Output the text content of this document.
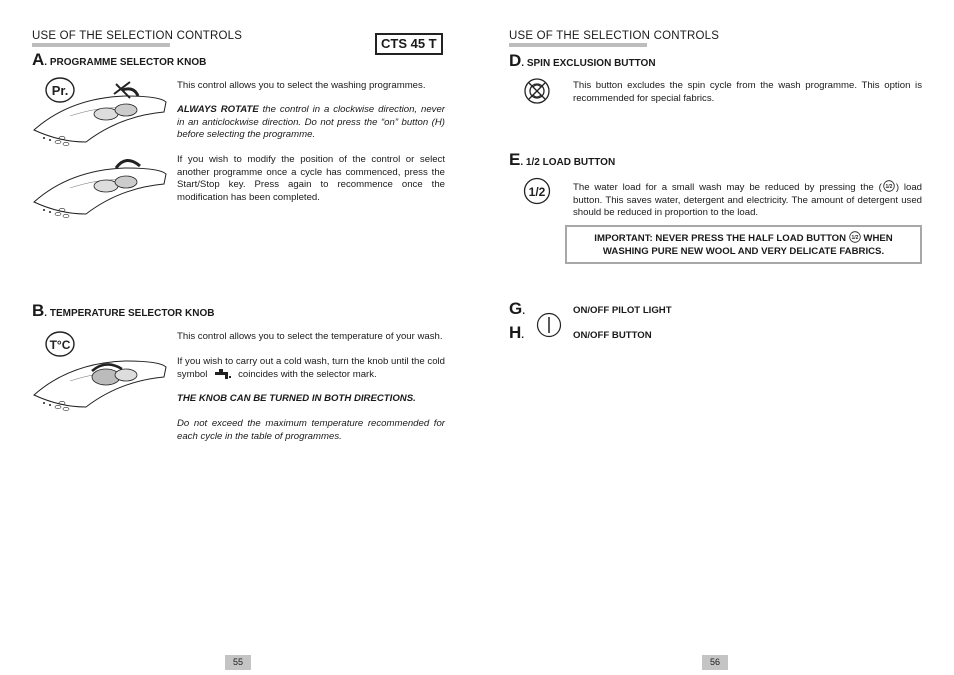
USE OF THE SELECTION CONTROLS	CTS 45 T
A. PROGRAMME SELECTOR KNOB
Pr.	This control allows you to select the washing programmes.
ALWAYS ROTATE the control in a clockwise direction, never in an anticlockwise direction. Do not press the “on” button (H) before selecting the programme.
If you wish to modify the position of the control or select another programme once a cycle has commenced, press the Start/Stop key. Press again to recommence once the modification has been completed.
B. TEMPERATURE SELECTOR KNOB
T°C
This control allows you to select the temperature of your wash.
If you wish to carry out a cold wash, turn the knob until the cold symbol	coincides with the selector mark.
THE KNOB CAN BE TURNED IN BOTH DIRECTIONS.
Do not exceed the maximum temperature recommended for each cycle in the table of programmes.
55
USE OF THE SELECTION CONTROLS
D. SPIN EXCLUSION BUTTON
This button excludes the spin cycle from the wash programme. This option is recommended for special fabrics.
E. 1/2 LOAD BUTTON
1/2	The water load for a small wash may be reduced by pressing the ( 1/2 ) load button. This saves water, detergent and electricity. The amount of detergent used should be reduced in proportion to the load.
IMPORTANT: NEVER PRESS THE HALF LOAD BUTTON 1/2 WHEN WASHING PURE NEW WOOL AND VERY DELICATE FABRICS.
G.	ON/OFF PILOT LIGHT
H.	ON/OFF BUTTON
56
